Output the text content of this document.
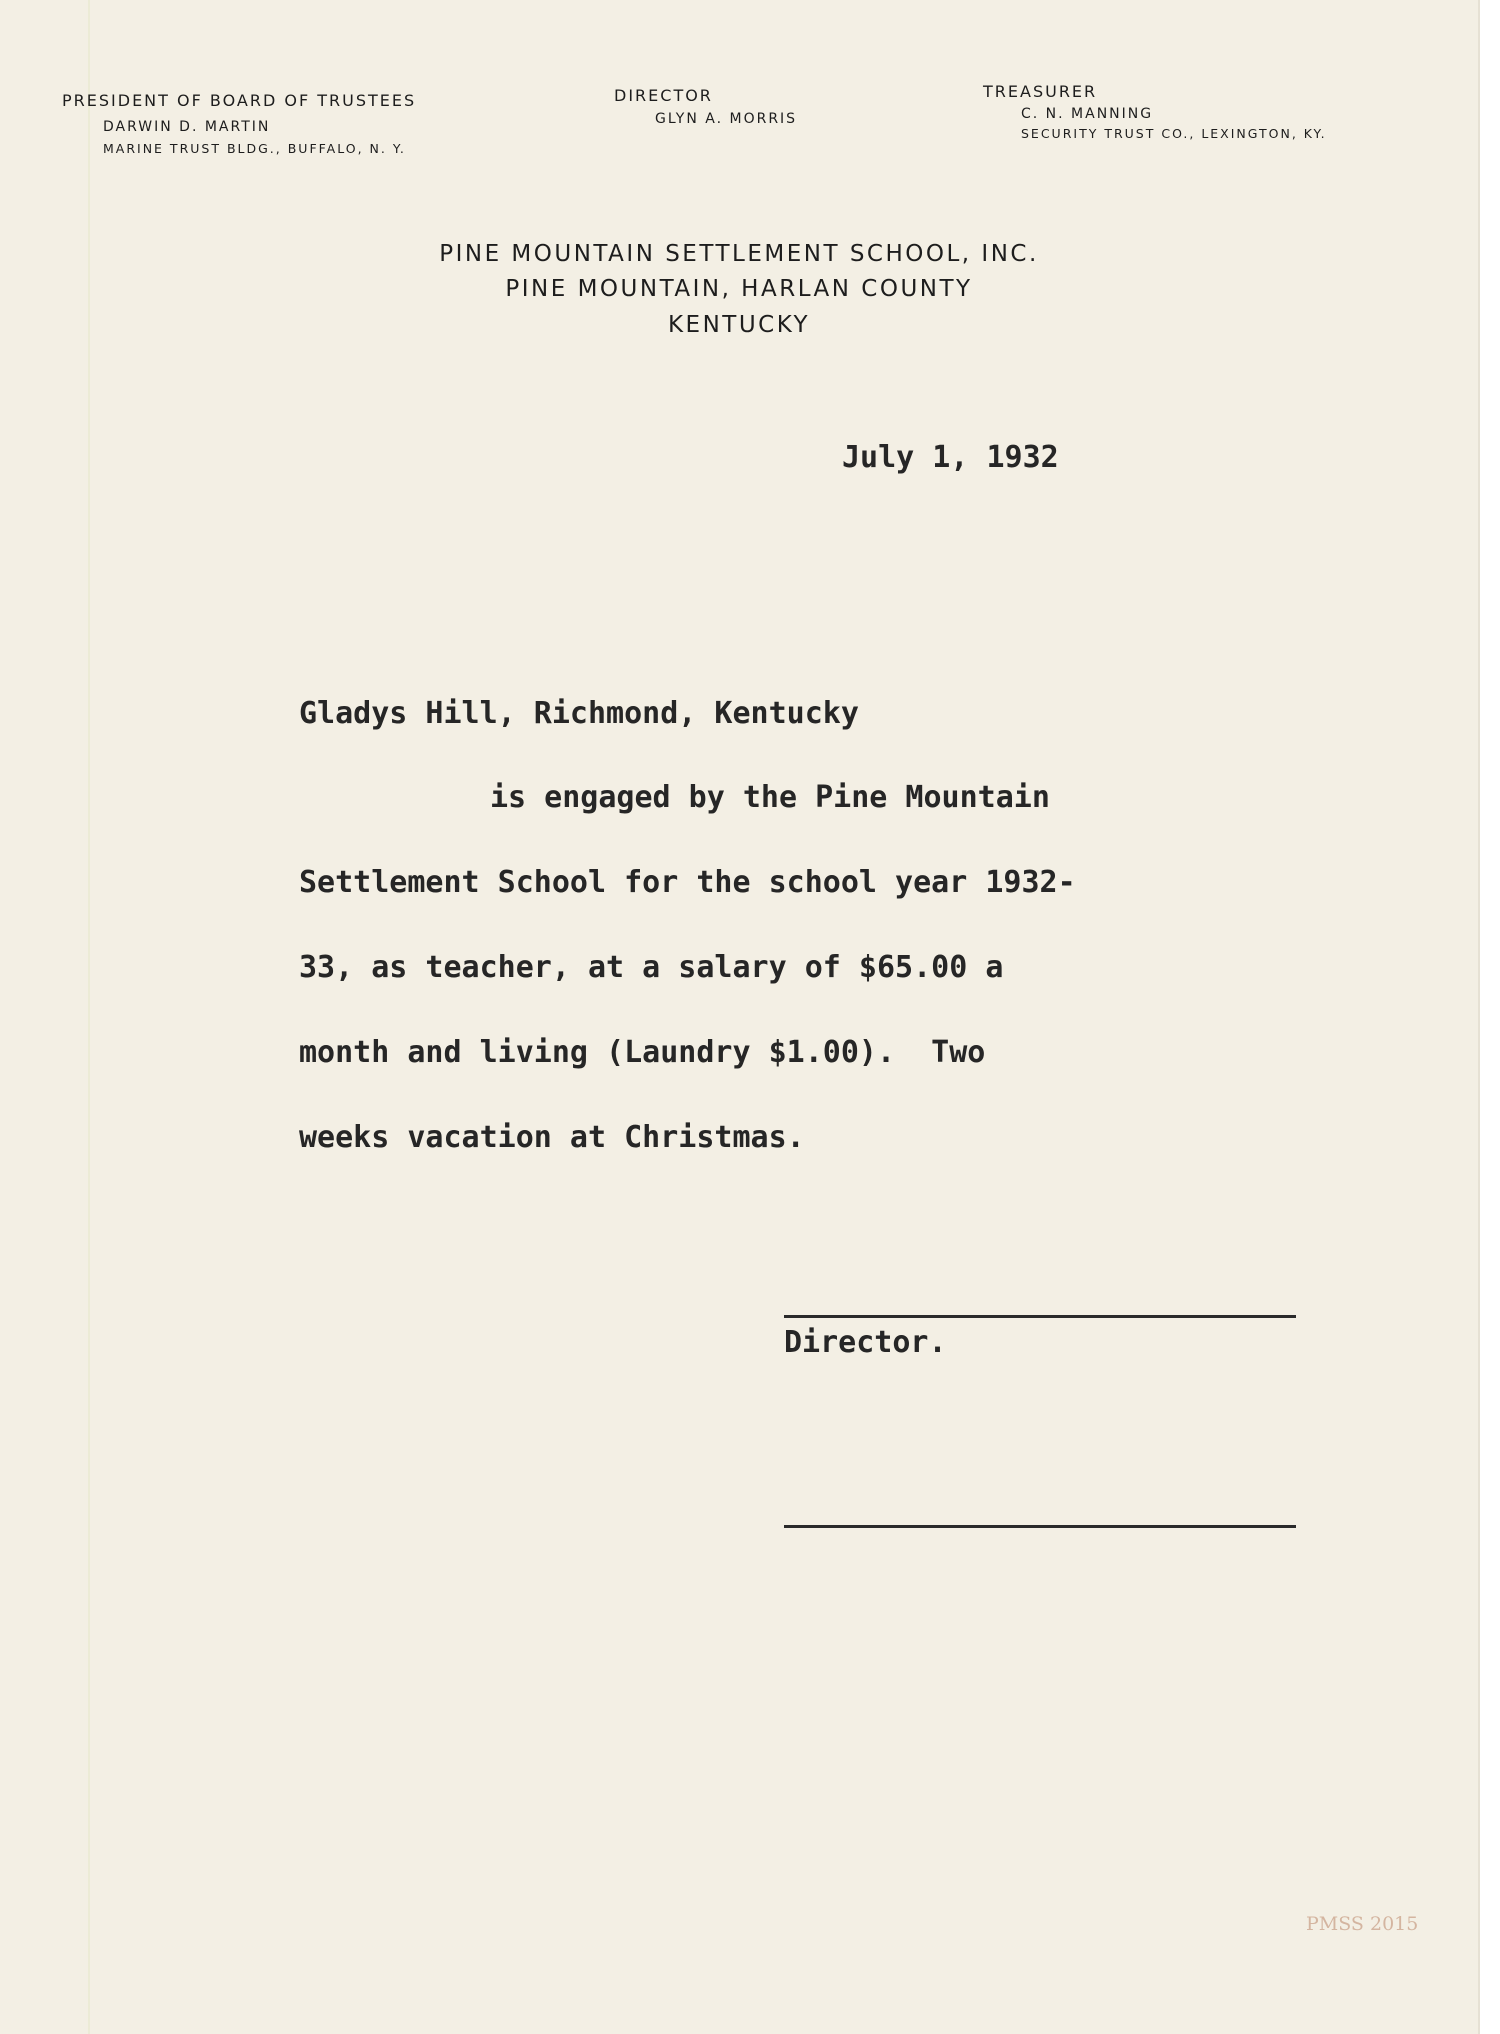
PRESIDENT OF BOARD OF TRUSTEES

DARWIN D. MARTIN

MARINE TRUST BLDG., BUFFALO, N. Y.

DIRECTOR

GLYN A. MORRIS

TREASURER

C. N. MANNING

SECURITY TRUST CO., LEXINGTON, KY.

PINE MOUNTAIN SETTLEMENT SCHOOL, INC.

PINE MOUNTAIN, HARLAN COUNTY

KENTUCKY

July 1, 1932

Gladys Hill, Richmond, Kentucky

is engaged by the Pine Mountain

Settlement School for the school year 1932-

33, as teacher, at a salary of $65.00 a

month and living (Laundry $1.00).  Two

weeks vacation at Christmas.

Director.

PMSS 2015
